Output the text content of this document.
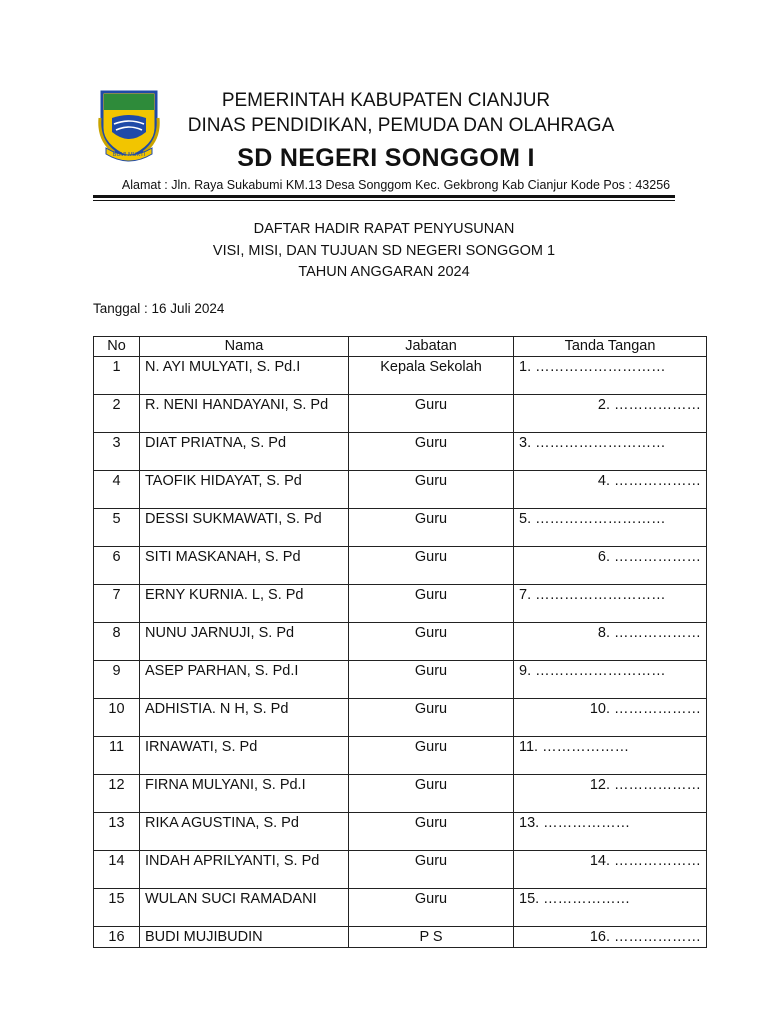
BUMI MUKTI
PEMERINTAH KABUPATEN CIANJUR
DINAS PENDIDIKAN, PEMUDA DAN OLAHRAGA
SD NEGERI SONGGOM I
Alamat : Jln. Raya Sukabumi KM.13 Desa Songgom Kec. Gekbrong Kab Cianjur Kode Pos : 43256
DAFTAR HADIR RAPAT PENYUSUNAN
VISI, MISI, DAN TUJUAN SD NEGERI SONGGOM 1
TAHUN ANGGARAN 2024
Tanggal : 16 Juli 2024
No	Nama	Jabatan	Tanda Tangan
1	N. AYI MULYATI, S. Pd.I	Kepala Sekolah	1. ………………………
2	R. NENI HANDAYANI, S. Pd	Guru	2. ………………
3	DIAT PRIATNA, S. Pd	Guru	3. ………………………
4	TAOFIK HIDAYAT, S. Pd	Guru	4. ………………
5	DESSI SUKMAWATI, S. Pd	Guru	5. ………………………
6	SITI MASKANAH, S. Pd	Guru	6. ………………
7	ERNY KURNIA. L, S. Pd	Guru	7. ………………………
8	NUNU JARNUJI, S. Pd	Guru	8. ………………
9	ASEP PARHAN, S. Pd.I	Guru	9. ………………………
10	ADHISTIA. N H, S. Pd	Guru	10. ………………
11	IRNAWATI, S. Pd	Guru	11. ………………
12	FIRNA MULYANI, S. Pd.I	Guru	12. ………………
13	RIKA AGUSTINA, S. Pd	Guru	13. ………………
14	INDAH APRILYANTI, S. Pd	Guru	14. ………………
15	WULAN SUCI RAMADANI	Guru	15. ………………
16	BUDI MUJIBUDIN	P S	16. ………………
